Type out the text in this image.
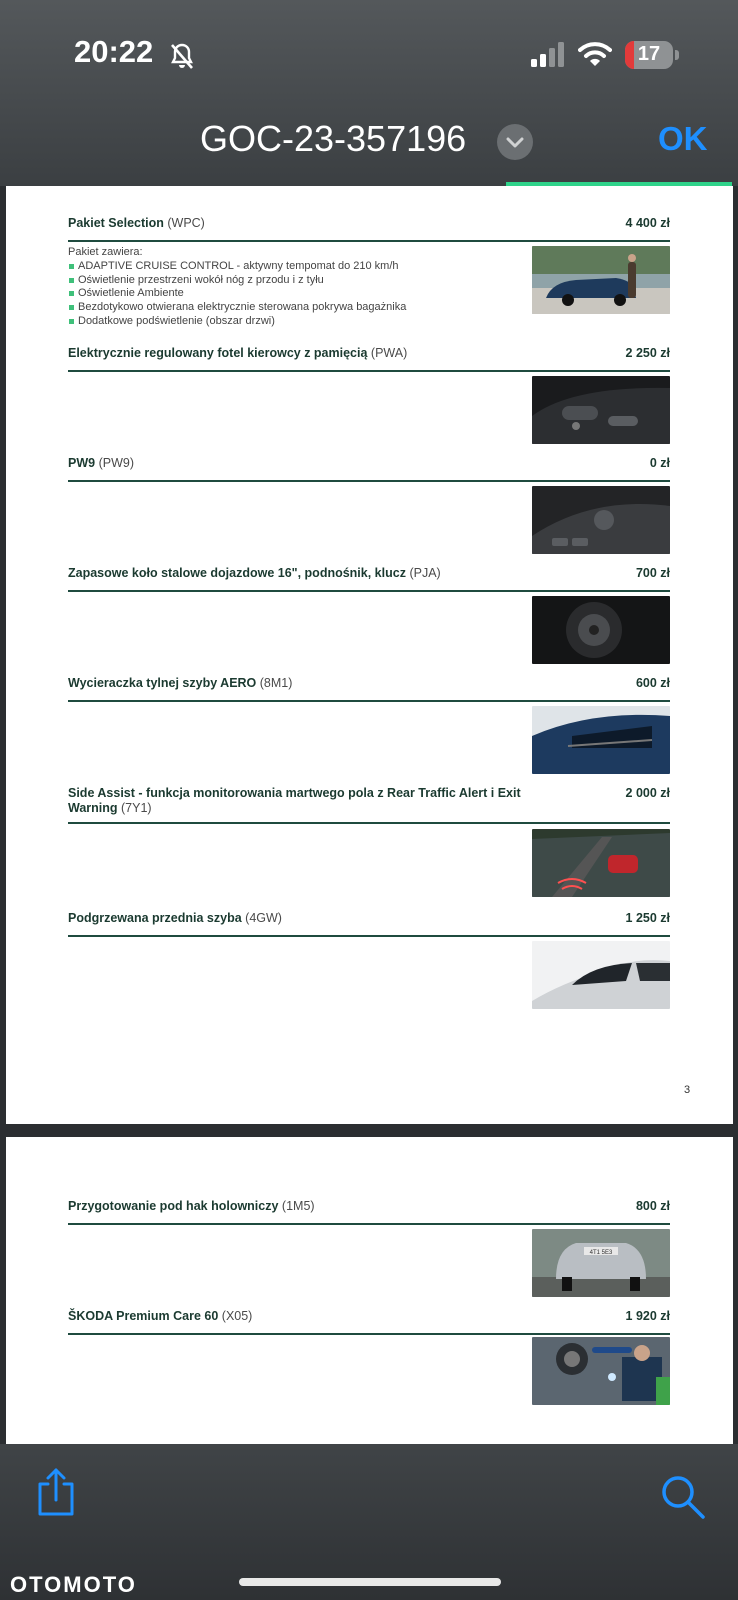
20:22	17
GOC-23-357196	OK
Pakiet Selection (WPC)	4 400 zł
Pakiet zawiera:
ADAPTIVE CRUISE CONTROL - aktywny tempomat do 210 km/h
Oświetlenie przestrzeni wokół nóg z przodu i z tyłu
Oświetlenie Ambiente
Bezdotykowo otwierana elektrycznie sterowana pokrywa bagażnika
Dodatkowe podświetlenie (obszar drzwi)
Elektrycznie regulowany fotel kierowcy z pamięcią (PWA)	2 250 zł
PW9 (PW9)	0 zł
Zapasowe koło stalowe dojazdowe 16", podnośnik, klucz (PJA)	700 zł
Wycieraczka tylnej szyby AERO (8M1)	600 zł
Side Assist - funkcja monitorowania martwego pola z Rear Traffic Alert i Exit Warning (7Y1)
2 000 zł
Podgrzewana przednia szyba (4GW)	1 250 zł
3
Przygotowanie pod hak holowniczy (1M5)	800 zł
4T1 5E3
ŠKODA Premium Care 60 (X05)	1 920 zł
OTOMOTO
